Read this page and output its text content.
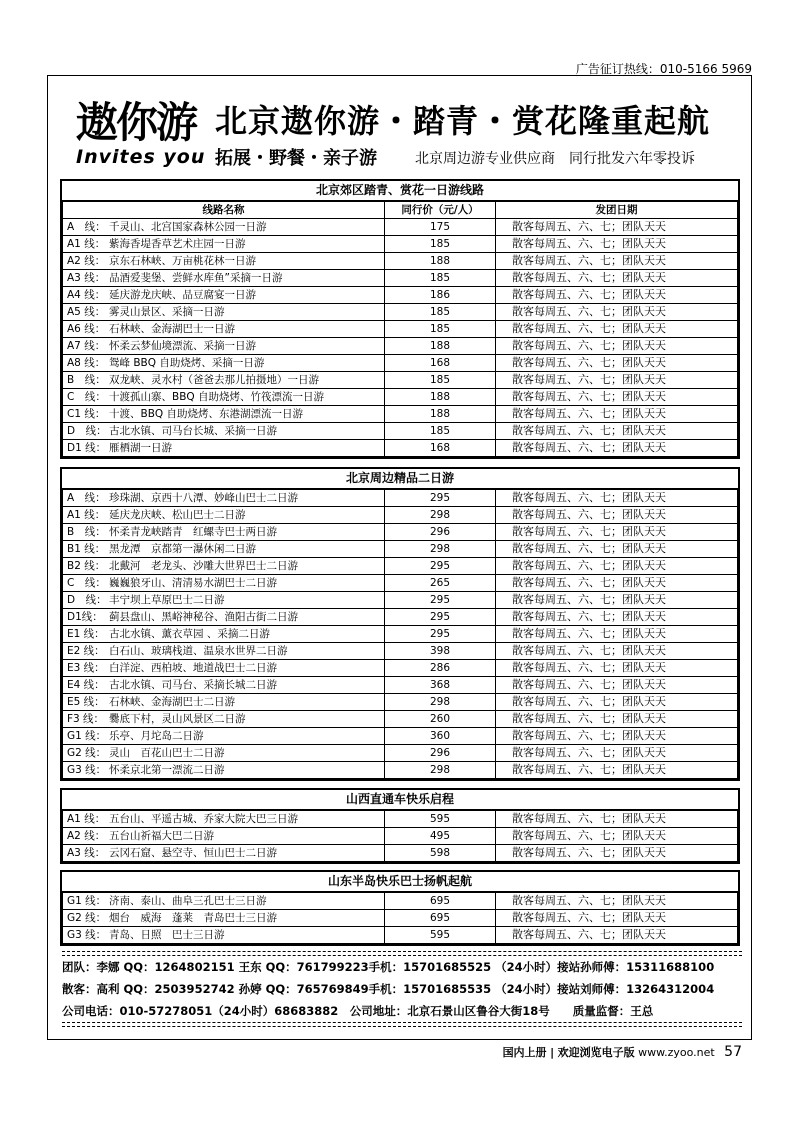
广告征订热线：010-5166 5969
遨你游
Invites you
北京遨你游・踏青・赏花隆重起航
拓展・野餐・亲子游	北京周边游专业供应商　同行批发六年零投诉
北京郊区踏青、赏花一日游线路
线路名称	同行价（元/人）	发团日期
A　线： 千灵山、北宫国家森林公园一日游	175	散客每周五、六、七；团队天天
A1 线： 紫海香堤香草艺术庄园一日游	185	散客每周五、六、七；团队天天
A2 线： 京东石林峡、万亩桃花林一日游	188	散客每周五、六、七；团队天天
A3 线： 品酒爱斐堡、尝鲜水库鱼”采摘一日游	185	散客每周五、六、七；团队天天
A4 线： 延庆游龙庆峡、品豆腐宴一日游	186	散客每周五、六、七；团队天天
A5 线： 雾灵山景区、采摘一日游	185	散客每周五、六、七；团队天天
A6 线： 石林峡、金海湖巴士一日游	185	散客每周五、六、七；团队天天
A7 线： 怀柔云梦仙境漂流、采摘一日游	188	散客每周五、六、七；团队天天
A8 线： 鸳峰 BBQ 自助烧烤、采摘一日游	168	散客每周五、六、七；团队天天
B　线： 双龙峡、灵水村（爸爸去那儿拍摄地）一日游	185	散客每周五、六、七；团队天天
C　线： 十渡孤山寨、BBQ 自助烧烤、竹筏漂流一日游	188	散客每周五、六、七；团队天天
C1 线： 十渡、BBQ 自助烧烤、东港湖漂流一日游	188	散客每周五、六、七；团队天天
D　线： 古北水镇、司马台长城、采摘一日游	185	散客每周五、六、七；团队天天
D1 线： 雁栖湖一日游	168	散客每周五、六、七；团队天天
北京周边精品二日游
A　线： 珍珠湖、京西十八潭、妙峰山巴士二日游	295	散客每周五、六、七；团队天天
A1 线： 延庆龙庆峡、松山巴士二日游	298	散客每周五、六、七；团队天天
B　线： 怀柔青龙峡踏青　红螺寺巴士两日游	296	散客每周五、六、七；团队天天
B1 线： 黑龙潭　京都第一瀑休闲二日游	298	散客每周五、六、七；团队天天
B2 线： 北戴河　老龙头、沙雕大世界巴士二日游	295	散客每周五、六、七；团队天天
C　线： 巍巍狼牙山、清清易水湖巴士二日游	265	散客每周五、六、七；团队天天
D　线： 丰宁坝上草原巴士二日游	295	散客每周五、六、七；团队天天
D1线： 蓟县盘山、黑峪神秘谷、渔阳古街二日游	295	散客每周五、六、七；团队天天
E1 线： 古北水镇、薰衣草园 、采摘二日游	295	散客每周五、六、七；团队天天
E2 线： 白石山、玻璃栈道、温泉水世界二日游	398	散客每周五、六、七；团队天天
E3 线： 白洋淀、西柏坡、地道战巴士二日游	286	散客每周五、六、七；团队天天
E4 线： 古北水镇、司马台、采摘长城二日游	368	散客每周五、六、七；团队天天
E5 线： 石林峡、金海湖巴士二日游	298	散客每周五、六、七；团队天天
F3 线： 爨底下村，灵山风景区二日游	260	散客每周五、六、七；团队天天
G1 线： 乐亭、月坨岛二日游	360	散客每周五、六、七；团队天天
G2 线： 灵山　百花山巴士二日游	296	散客每周五、六、七；团队天天
G3 线： 怀柔京北第一漂流二日游	298	散客每周五、六、七；团队天天
山西直通车快乐启程
A1 线： 五台山、平遥古城、乔家大院大巴三日游	595	散客每周五、六、七；团队天天
A2 线： 五台山祈福大巴二日游	495	散客每周五、六、七；团队天天
A3 线： 云冈石窟、悬空寺、恒山巴士二日游	598	散客每周五、六、七；团队天天
山东半岛快乐巴士扬帆起航
G1 线： 济南、泰山、曲阜三孔巴士三日游	695	散客每周五、六、七；团队天天
G2 线： 烟台　威海　蓬莱　青岛巴士三日游	695	散客每周五、六、七；团队天天
G3 线： 青岛、日照　巴士三日游	595	散客每周五、六、七；团队天天
团队：李娜 QQ：1264802151 王东 QQ：761799223手机：15701685525 （24小时）接站孙师傅：15311688100
散客：高利 QQ：2503952742 孙婷 QQ：765769849手机：15701685535 （24小时）接站刘师傅：13264312004
公司电话：010-57278051（24小时）68683882　公司地址：北京石景山区鲁谷大街18号　　质量监督：王总
国内上册 | 欢迎浏览电子版 www.zyoo.net 57
